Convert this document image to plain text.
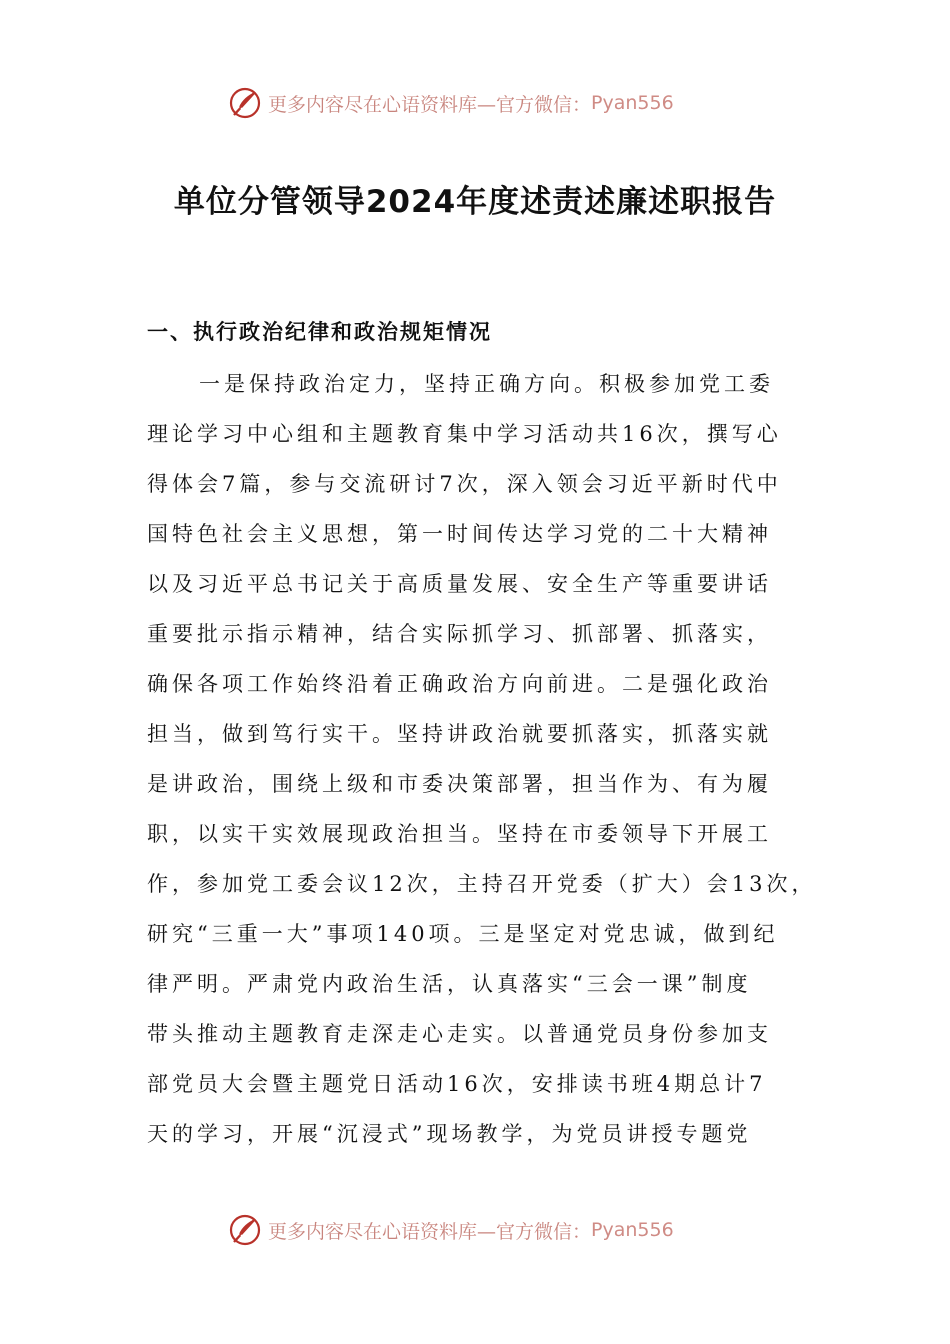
更多内容尽在心语资料库—官方微信： Pyan556
单位分管领导2024年度述责述廉述职报告
一、执行政治纪律和政治规矩情况
一是保持政治定力，坚持正确方向。积极参加党工委
理论学习中心组和主题教育集中学习活动共16次，撰写心
得体会7篇，参与交流研讨7次，深入领会习近平新时代中
国特色社会主义思想，第一时间传达学习党的二十大精神
以及习近平总书记关于高质量发展、安全生产等重要讲话
重要批示指示精神，结合实际抓学习、抓部署、抓落实，
确保各项工作始终沿着正确政治方向前进。二是强化政治
担当，做到笃行实干。坚持讲政治就要抓落实，抓落实就
是讲政治，围绕上级和市委决策部署，担当作为、有为履
职，以实干实效展现政治担当。坚持在市委领导下开展工
作，参加党工委会议12次，主持召开党委（扩大）会13次，
研究“三重一大”事项140项。三是坚定对党忠诚，做到纪
律严明。严肃党内政治生活，认真落实“三会一课”制度
带头推动主题教育走深走心走实。以普通党员身份参加支
部党员大会暨主题党日活动16次，安排读书班4期总计7
天的学习，开展“沉浸式”现场教学，为党员讲授专题党
更多内容尽在心语资料库—官方微信： Pyan556
